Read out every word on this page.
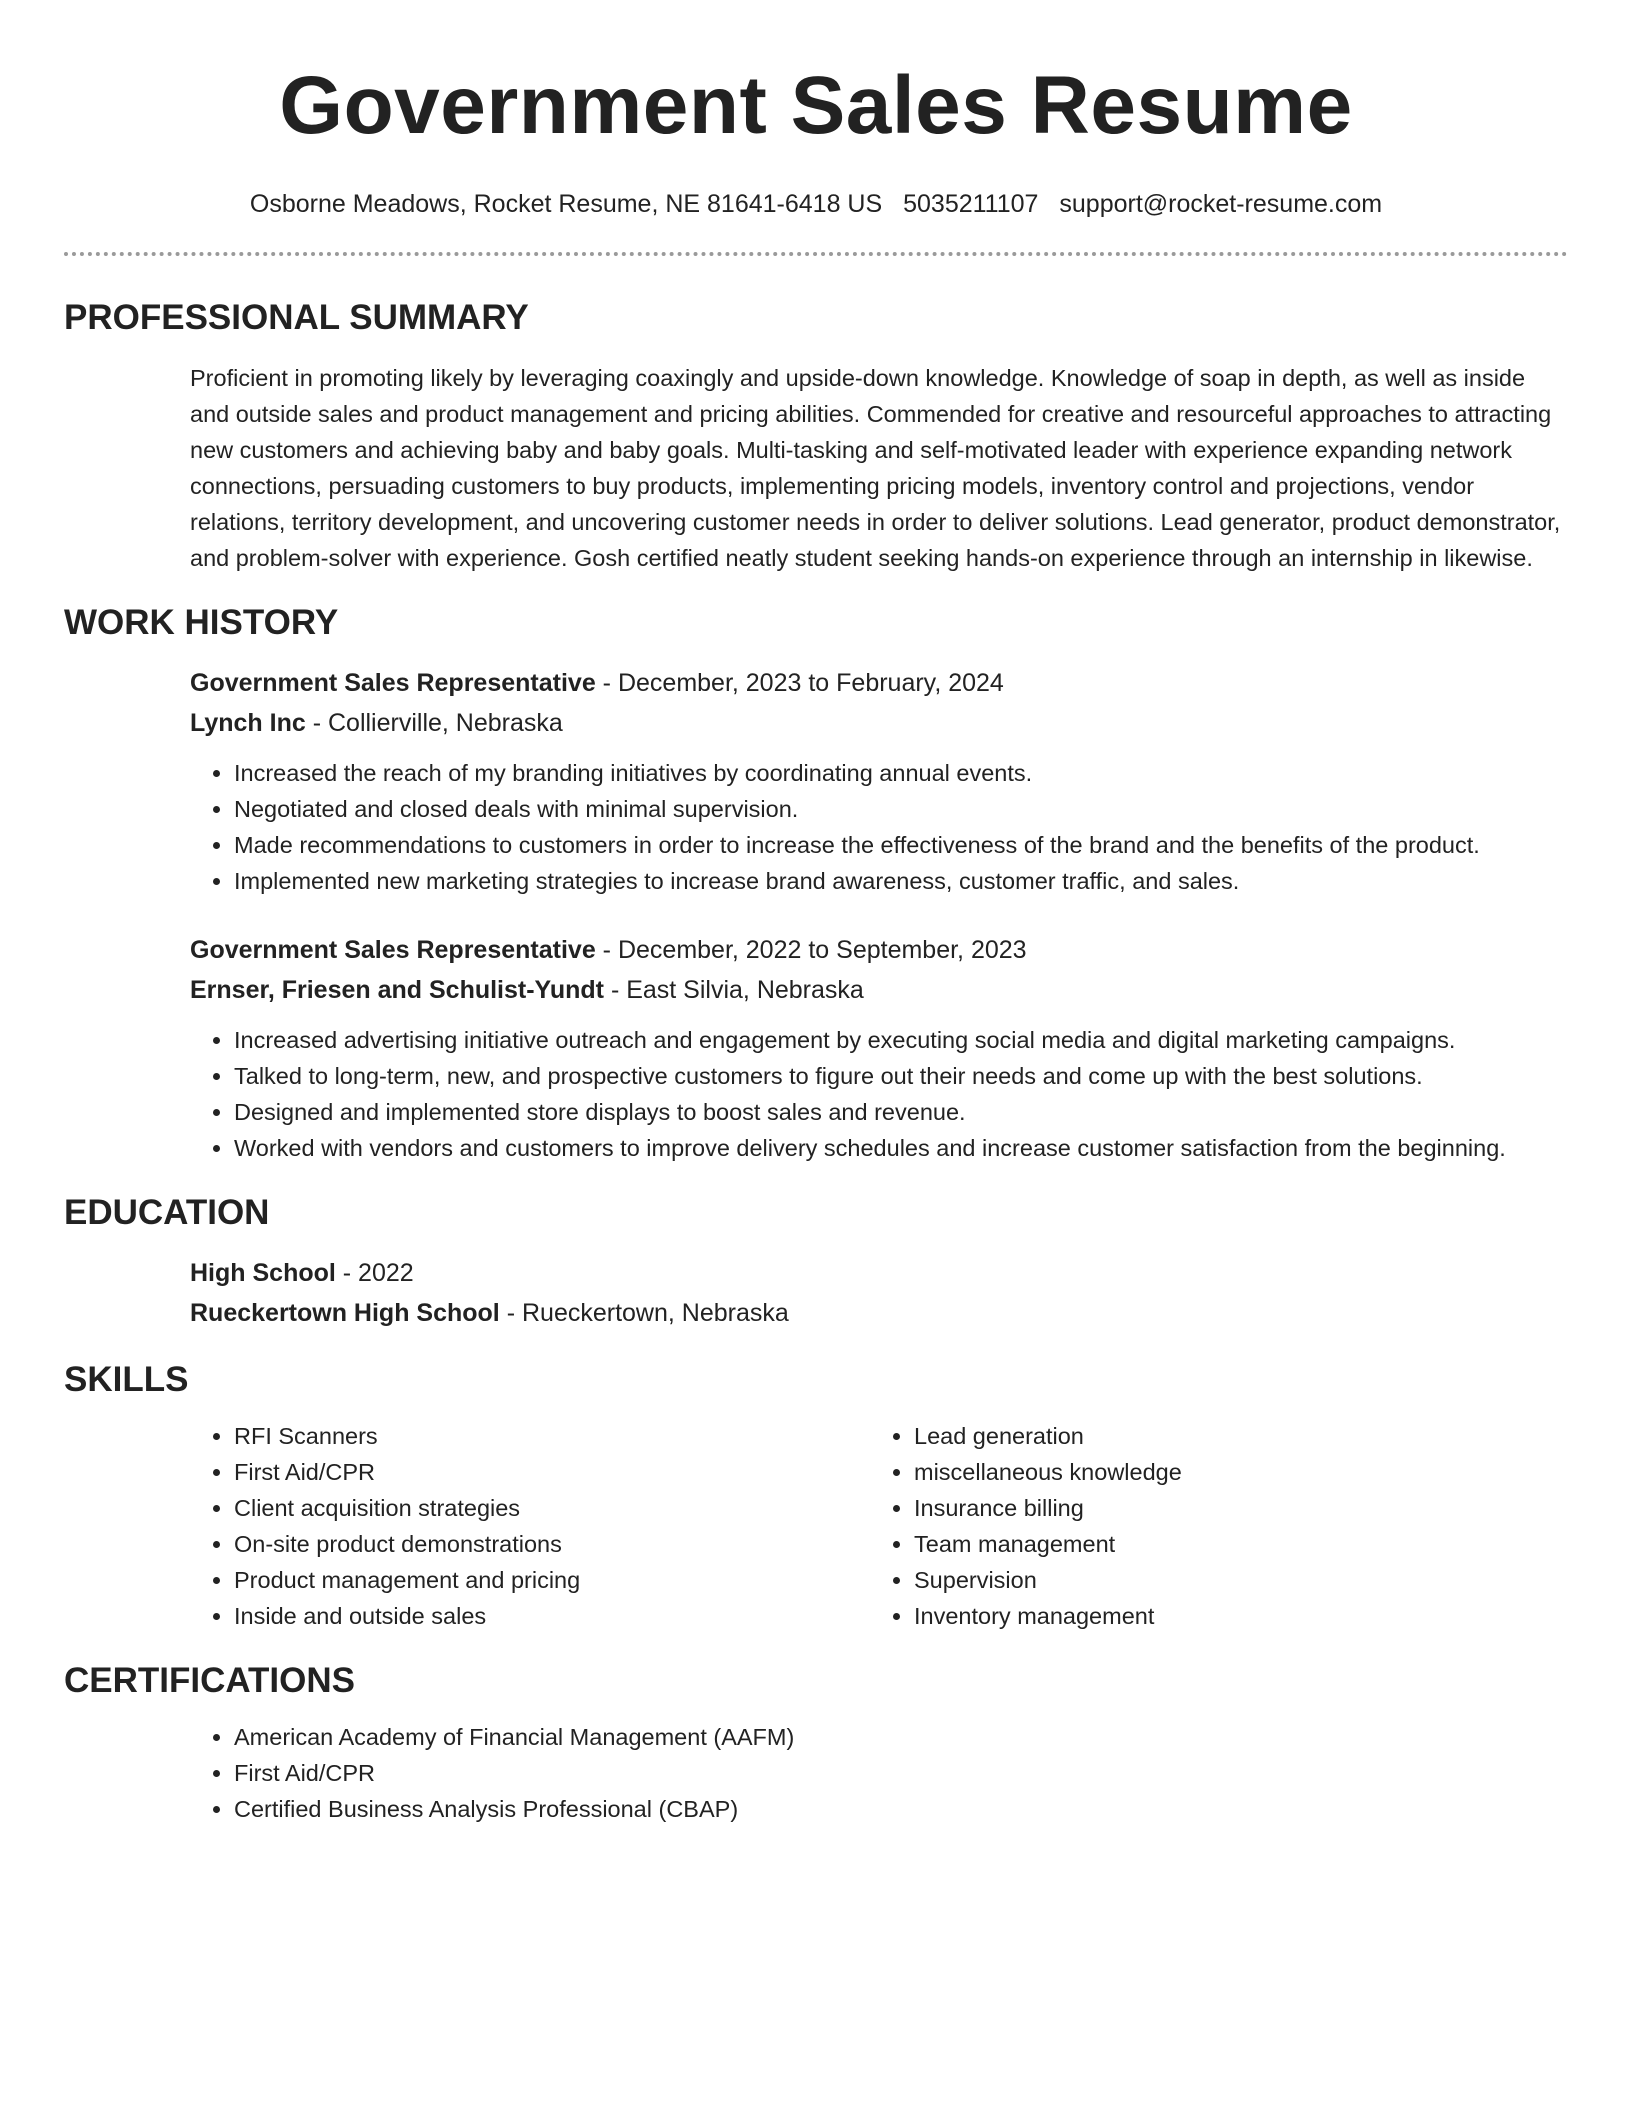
Government Sales Resume
Osborne Meadows, Rocket Resume, NE 81641-6418 US 5035211107 support@rocket-resume.com
PROFESSIONAL SUMMARY

Proficient in promoting likely by leveraging coaxingly and upside-down knowledge. Knowledge of soap in depth, as well as inside and outside sales and product management and pricing abilities. Commended for creative and resourceful approaches to attracting new customers and achieving baby and baby goals. Multi-tasking and self-motivated leader with experience expanding network connections, persuading customers to buy products, implementing pricing models, inventory control and projections, vendor relations, territory development, and uncovering customer needs in order to deliver solutions. Lead generator, product demonstrator, and problem-solver with experience. Gosh certified neatly student seeking hands-on experience through an internship in likewise.

WORK HISTORY
Government Sales Representative - December, 2023 to February, 2024
Lynch Inc - Collierville, Nebraska
• Increased the reach of my branding initiatives by coordinating annual events.
• Negotiated and closed deals with minimal supervision.
• Made recommendations to customers in order to increase the effectiveness of the brand and the benefits of the product.
• Implemented new marketing strategies to increase brand awareness, customer traffic, and sales.
Government Sales Representative - December, 2022 to September, 2023
Ernser, Friesen and Schulist-Yundt - East Silvia, Nebraska
• Increased advertising initiative outreach and engagement by executing social media and digital marketing campaigns.
• Talked to long-term, new, and prospective customers to figure out their needs and come up with the best solutions.
• Designed and implemented store displays to boost sales and revenue.
• Worked with vendors and customers to improve delivery schedules and increase customer satisfaction from the beginning.
EDUCATION
High School - 2022
Rueckertown High School - Rueckertown, Nebraska
SKILLS
• RFI Scanners
• First Aid/CPR
• Client acquisition strategies
• On-site product demonstrations
• Product management and pricing
• Inside and outside sales
• Lead generation
• miscellaneous knowledge
• Insurance billing
• Team management
• Supervision
• Inventory management
CERTIFICATIONS
• American Academy of Financial Management (AAFM)
• First Aid/CPR
• Certified Business Analysis Professional (CBAP)
